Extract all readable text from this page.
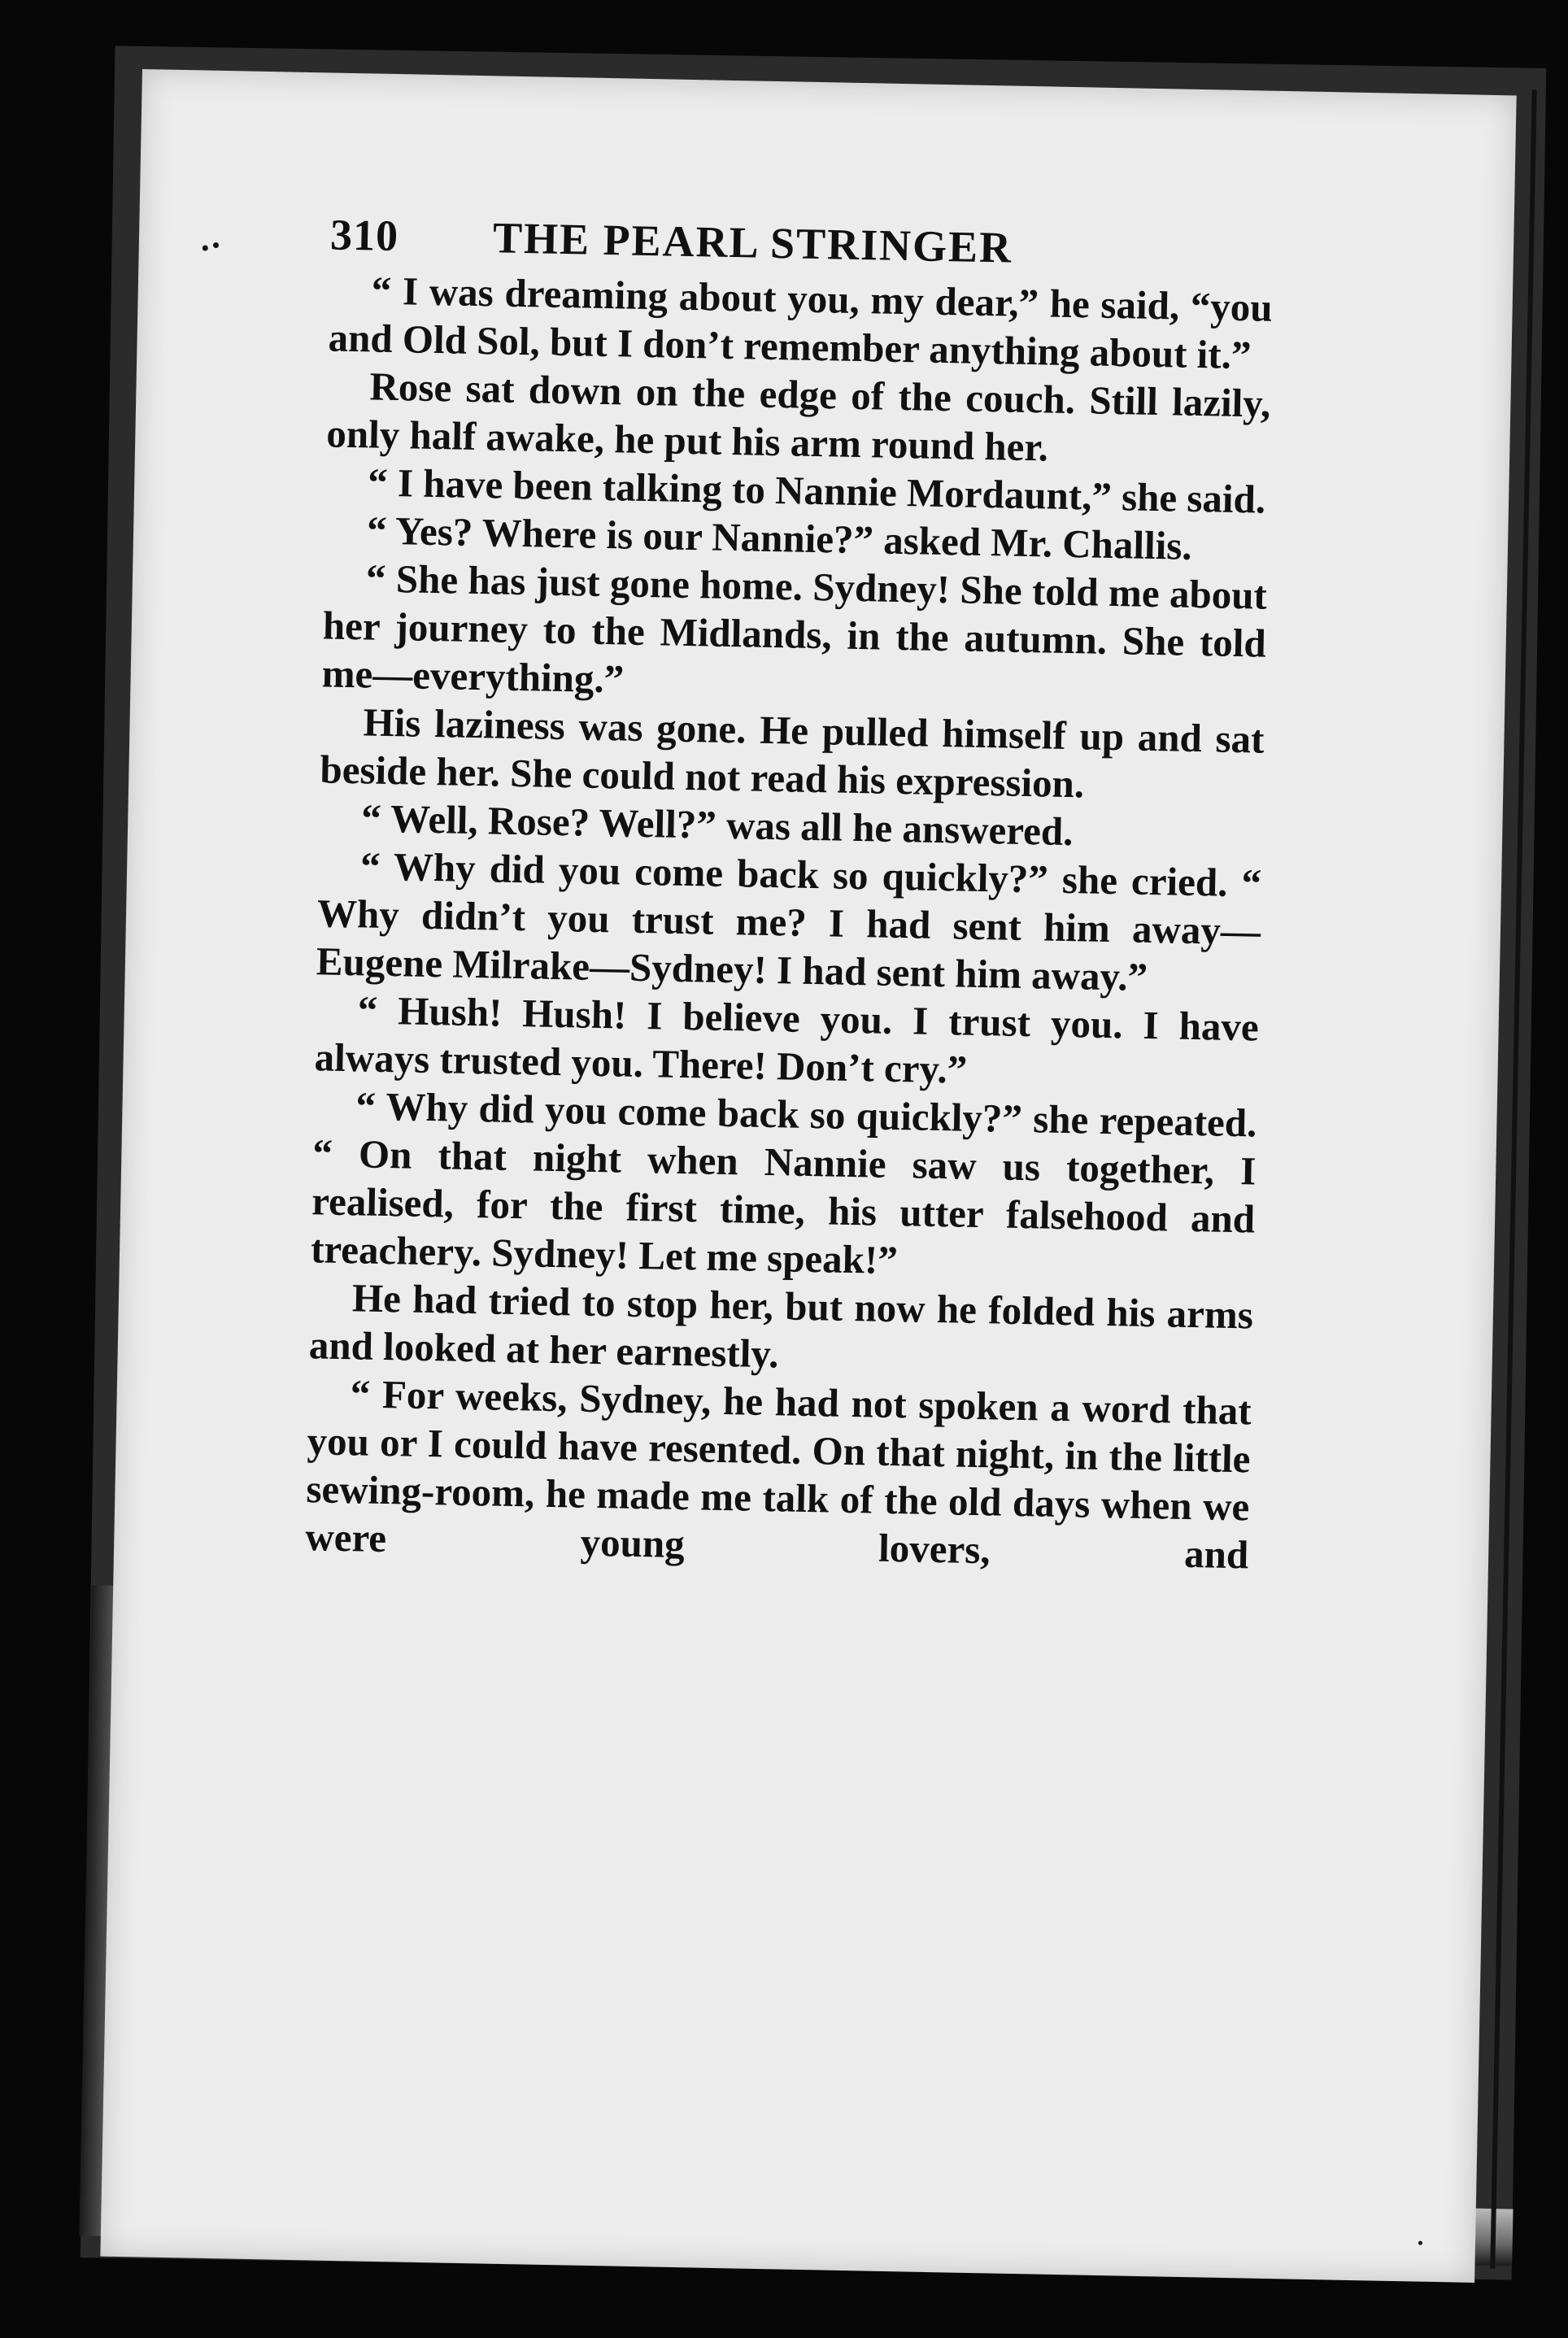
310	THE PEARL STRINGER

“ I was dreaming about you, my dear,” he said, “you and Old Sol, but I don’t remember anything about it.”

Rose sat down on the edge of the couch. Still lazily, only half awake, he put his arm round her.

“ I have been talking to Nannie Mordaunt,” she said.

“ Yes? Where is our Nannie?” asked Mr. Challis.

“ She has just gone home. Sydney! She told me about her journey to the Midlands, in the autumn. She told me—everything.”

His laziness was gone. He pulled himself up and sat beside her. She could not read his expression.

“ Well, Rose? Well?” was all he answered.

“ Why did you come back so quickly?” she cried. “ Why didn’t you trust me? I had sent him away—Eugene Milrake—Sydney! I had sent him away.”

“ Hush! Hush! I believe you. I trust you. I have always trusted you. There! Don’t cry.”

“ Why did you come back so quickly?” she repeated. “ On that night when Nannie saw us together, I realised, for the first time, his utter falsehood and treachery. Sydney! Let me speak!”

He had tried to stop her, but now he folded his arms and looked at her earnestly.

“ For weeks, Sydney, he had not spoken a word that you or I could have resented. On that night, in the little sewing-room, he made me talk of the old days when we were young lovers, and
